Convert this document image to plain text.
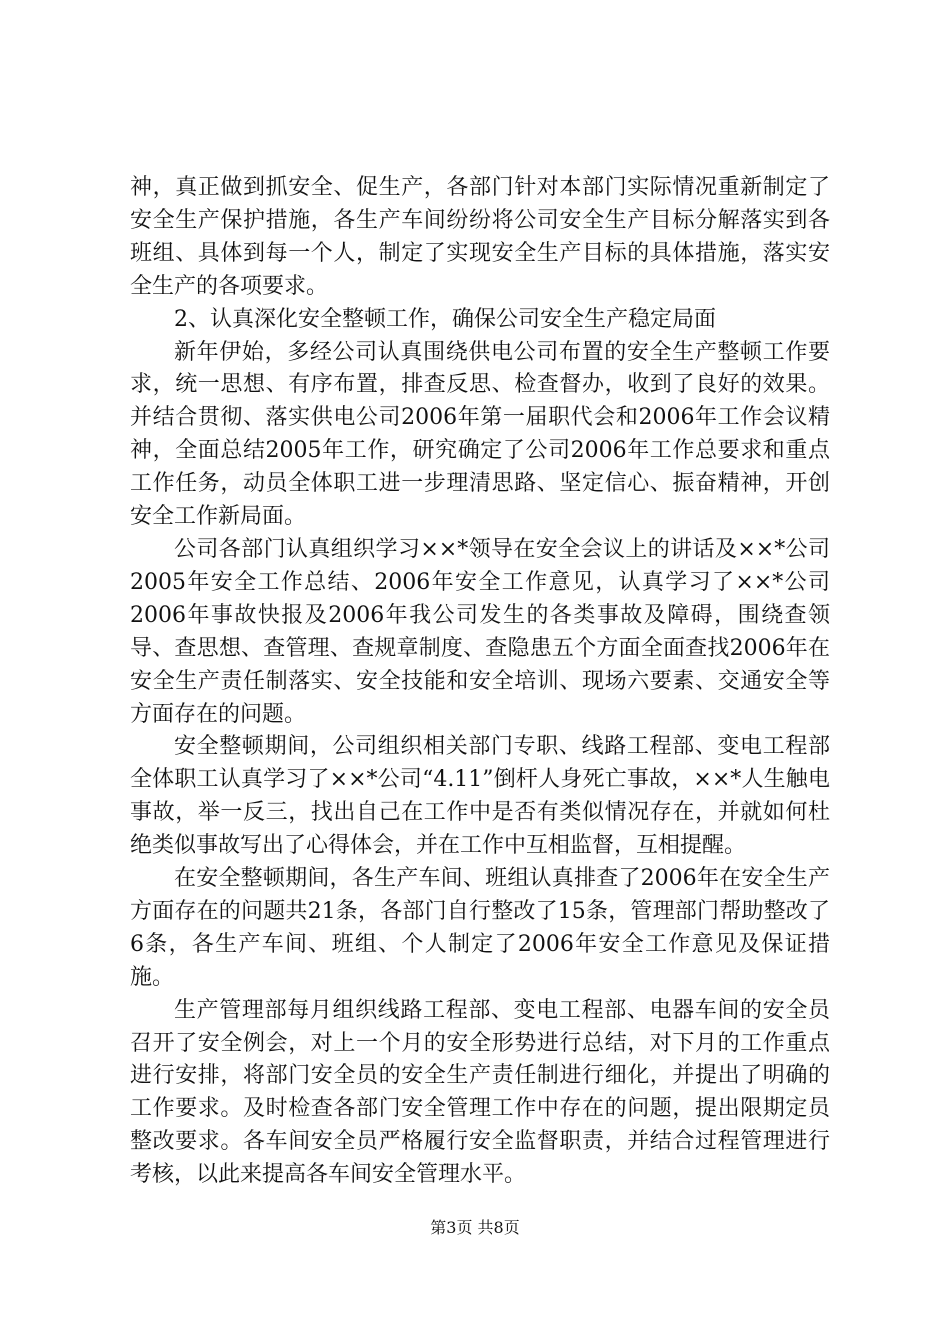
神，真正做到抓安全、促生产，各部门针对本部门实际情况重新制定了安全生产保护措施，各生产车间纷纷将公司安全生产目标分解落实到各班组、具体到每一个人，制定了实现安全生产目标的具体措施，落实安全生产的各项要求。

2、认真深化安全整顿工作，确保公司安全生产稳定局面

新年伊始，多经公司认真围绕供电公司布置的安全生产整顿工作要求，统一思想、有序布置，排查反思、检查督办，收到了良好的效果。并结合贯彻、落实供电公司2006年第一届职代会和2006年工作会议精神，全面总结2005年工作，研究确定了公司2006年工作总要求和重点工作任务，动员全体职工进一步理清思路、坚定信心、振奋精神，开创安全工作新局面。

公司各部门认真组织学习××*领导在安全会议上的讲话及××*公司2005年安全工作总结、2006年安全工作意见，认真学习了××*公司2006年事故快报及2006年我公司发生的各类事故及障碍，围绕查领导、查思想、查管理、查规章制度、查隐患五个方面全面查找2006年在安全生产责任制落实、安全技能和安全培训、现场六要素、交通安全等方面存在的问题。

安全整顿期间，公司组织相关部门专职、线路工程部、变电工程部全体职工认真学习了××*公司“4.11”倒杆人身死亡事故，××*人生触电事故，举一反三，找出自己在工作中是否有类似情况存在，并就如何杜绝类似事故写出了心得体会，并在工作中互相监督，互相提醒。

在安全整顿期间，各生产车间、班组认真排查了2006年在安全生产方面存在的问题共21条，各部门自行整改了15条，管理部门帮助整改了6条，各生产车间、班组、个人制定了2006年安全工作意见及保证措施。

生产管理部每月组织线路工程部、变电工程部、电器车间的安全员召开了安全例会，对上一个月的安全形势进行总结，对下月的工作重点进行安排，将部门安全员的安全生产责任制进行细化，并提出了明确的工作要求。及时检查各部门安全管理工作中存在的问题，提出限期定员整改要求。各车间安全员严格履行安全监督职责，并结合过程管理进行考核，以此来提高各车间安全管理水平。

第3页 共8页
